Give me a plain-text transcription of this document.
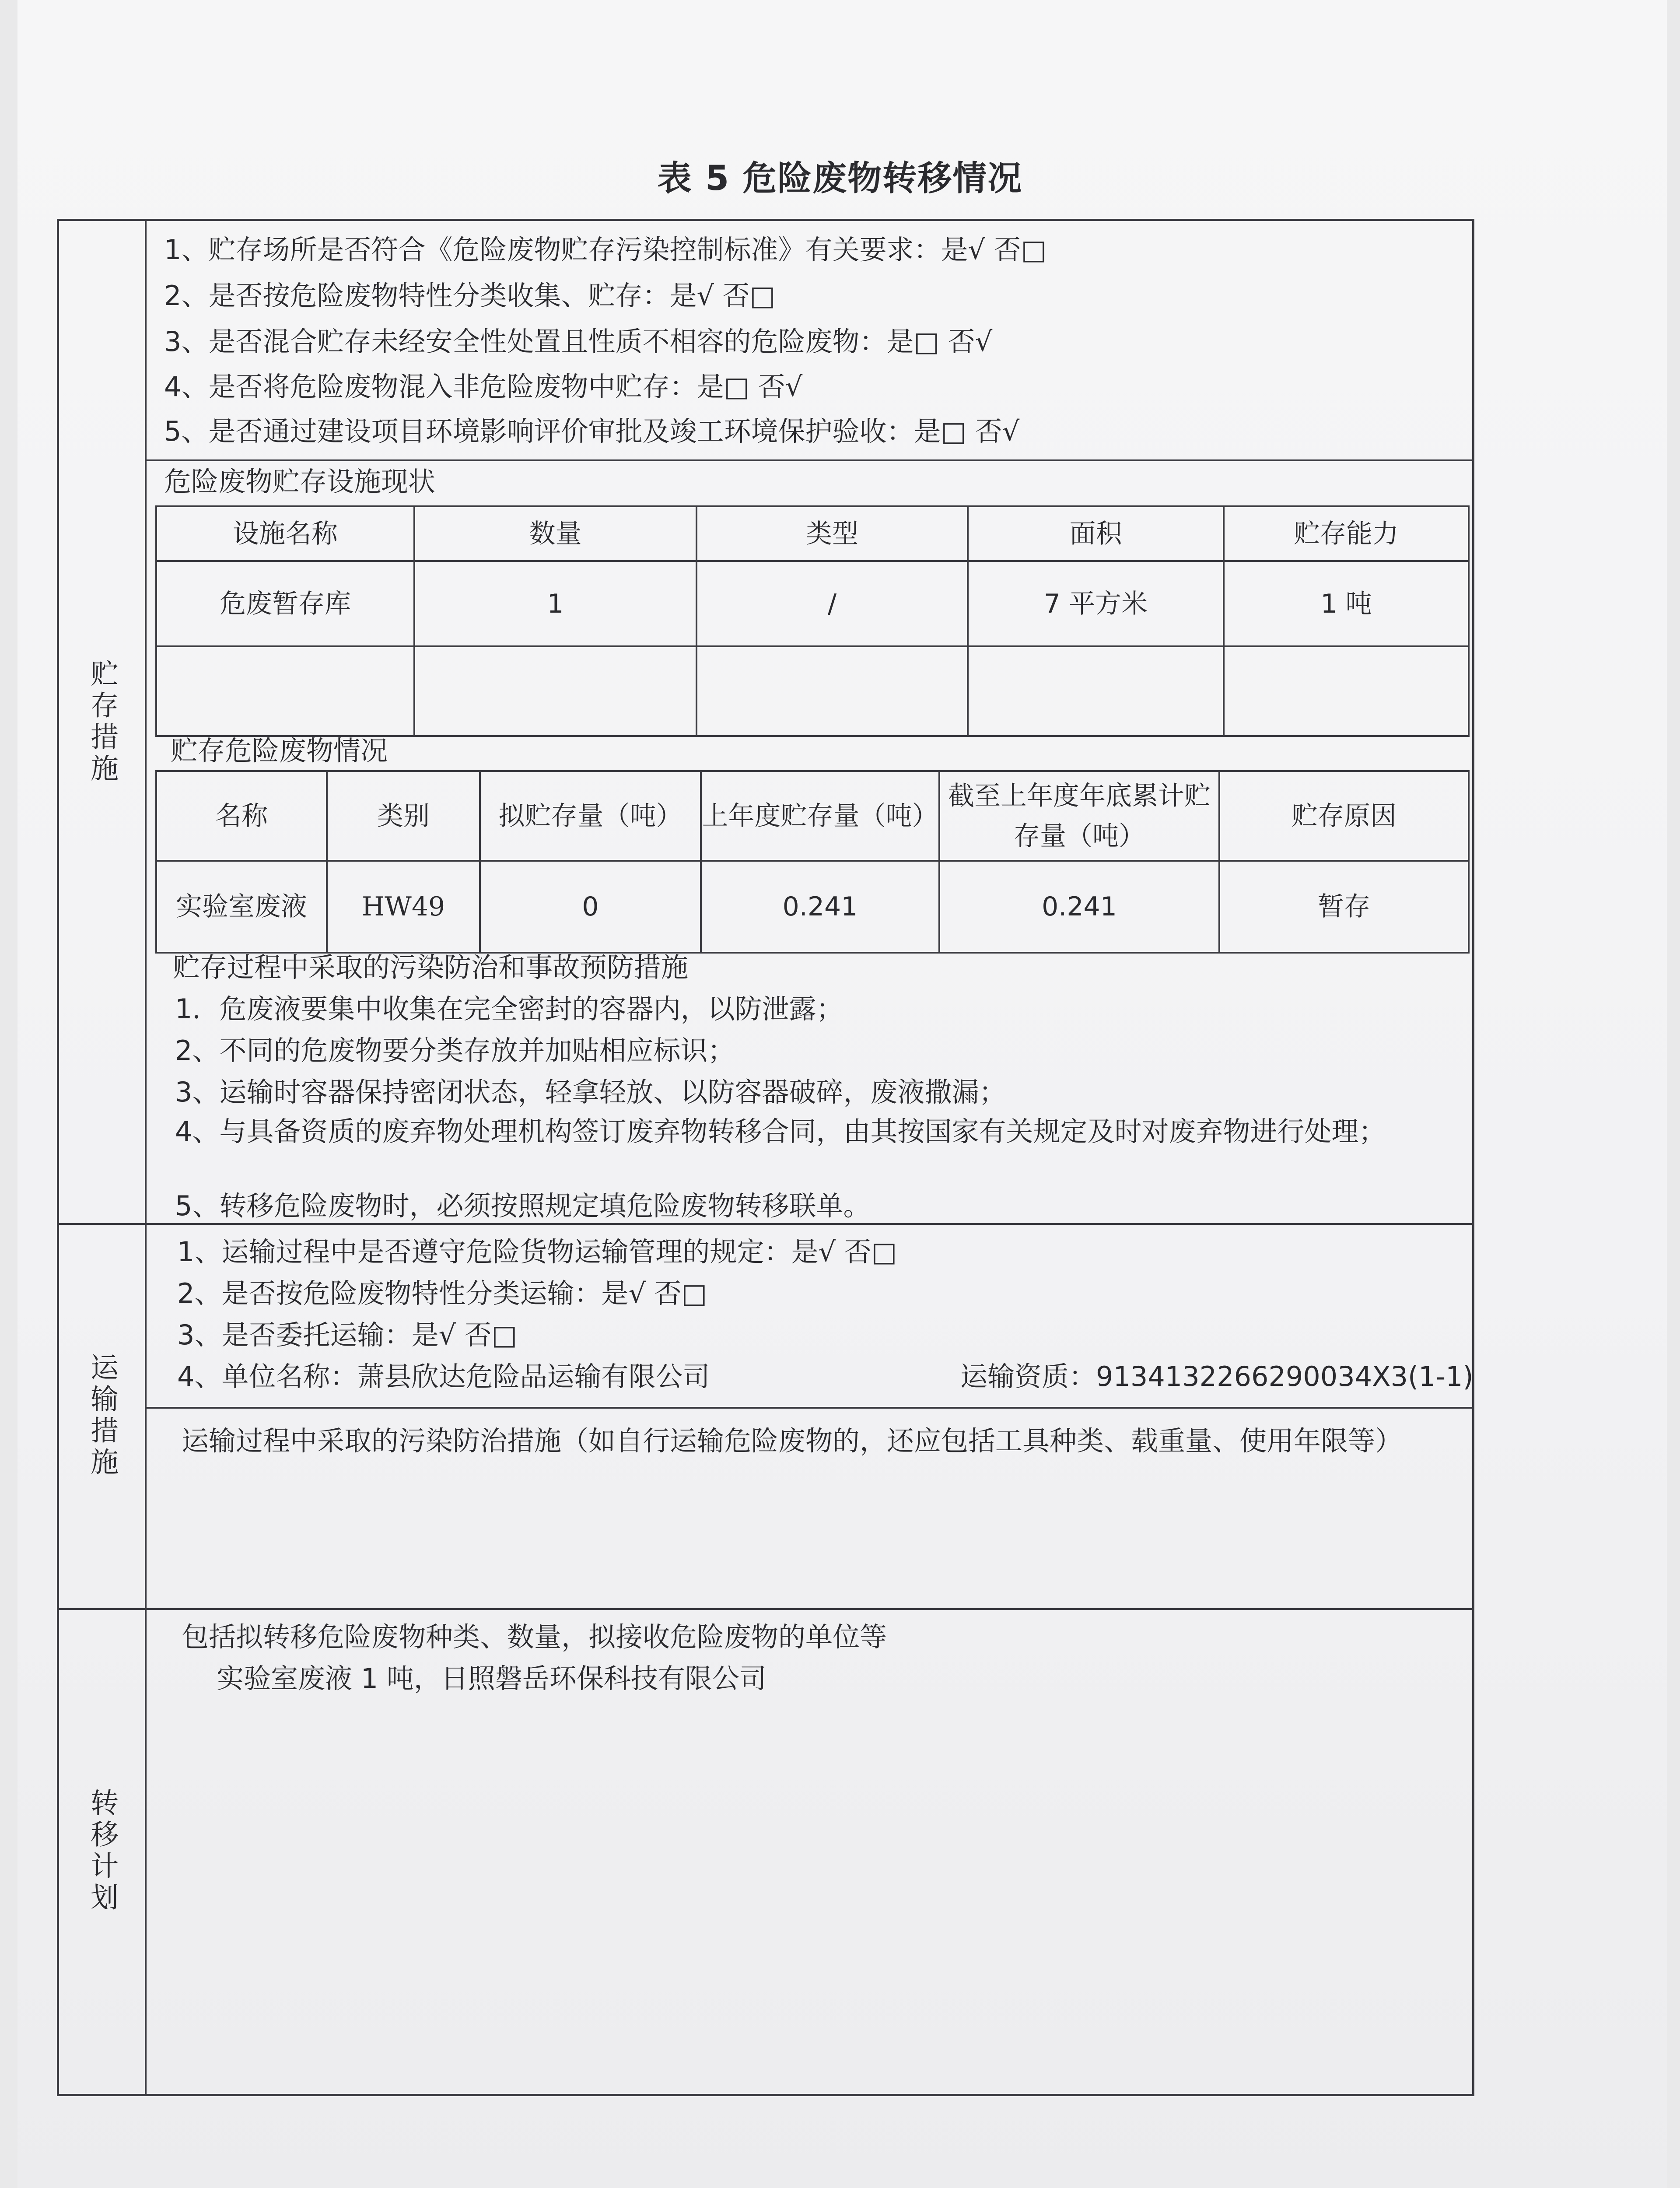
表 5 危险废物转移情况
贮存措施
运输措施
转移计划
1、贮存场所是否符合《危险废物贮存污染控制标准》有关要求：是√ 否□
2、是否按危险废物特性分类收集、贮存：是√ 否□
3、是否混合贮存未经安全性处置且性质不相容的危险废物：是□ 否√
4、是否将危险废物混入非危险废物中贮存：是□ 否√
5、是否通过建设项目环境影响评价审批及竣工环境保护验收：是□ 否√
危险废物贮存设施现状
设施名称	数量	类型	面积	贮存能力
危废暂存库	1	/	7 平方米	1 吨

贮存危险废物情况
名称	类别	拟贮存量（吨）	上年度贮存量（吨）	截至上年度年底累计贮存量（吨）	贮存原因
实验室废液	HW49	0	0.241	0.241	暂存
贮存过程中采取的污染防治和事故预防措施
1．危废液要集中收集在完全密封的容器内，以防泄露；
2、不同的危废物要分类存放并加贴相应标识；
3、运输时容器保持密闭状态，轻拿轻放、以防容器破碎，废液撒漏；
4、与具备资质的废弃物处理机构签订废弃物转移合同，由其按国家有关规定及时对废弃物进行处理；
5、转移危险废物时，必须按照规定填危险废物转移联单。
1、运输过程中是否遵守危险货物运输管理的规定：是√ 否□
2、是否按危险废物特性分类运输：是√ 否□
3、是否委托运输：是√ 否□
4、单位名称：萧县欣达危险品运输有限公司	运输资质：9134132266290034X3(1-1)
运输过程中采取的污染防治措施（如自行运输危险废物的，还应包括工具种类、载重量、使用年限等）
包括拟转移危险废物种类、数量，拟接收危险废物的单位等
实验室废液 1 吨，日照磐岳环保科技有限公司
